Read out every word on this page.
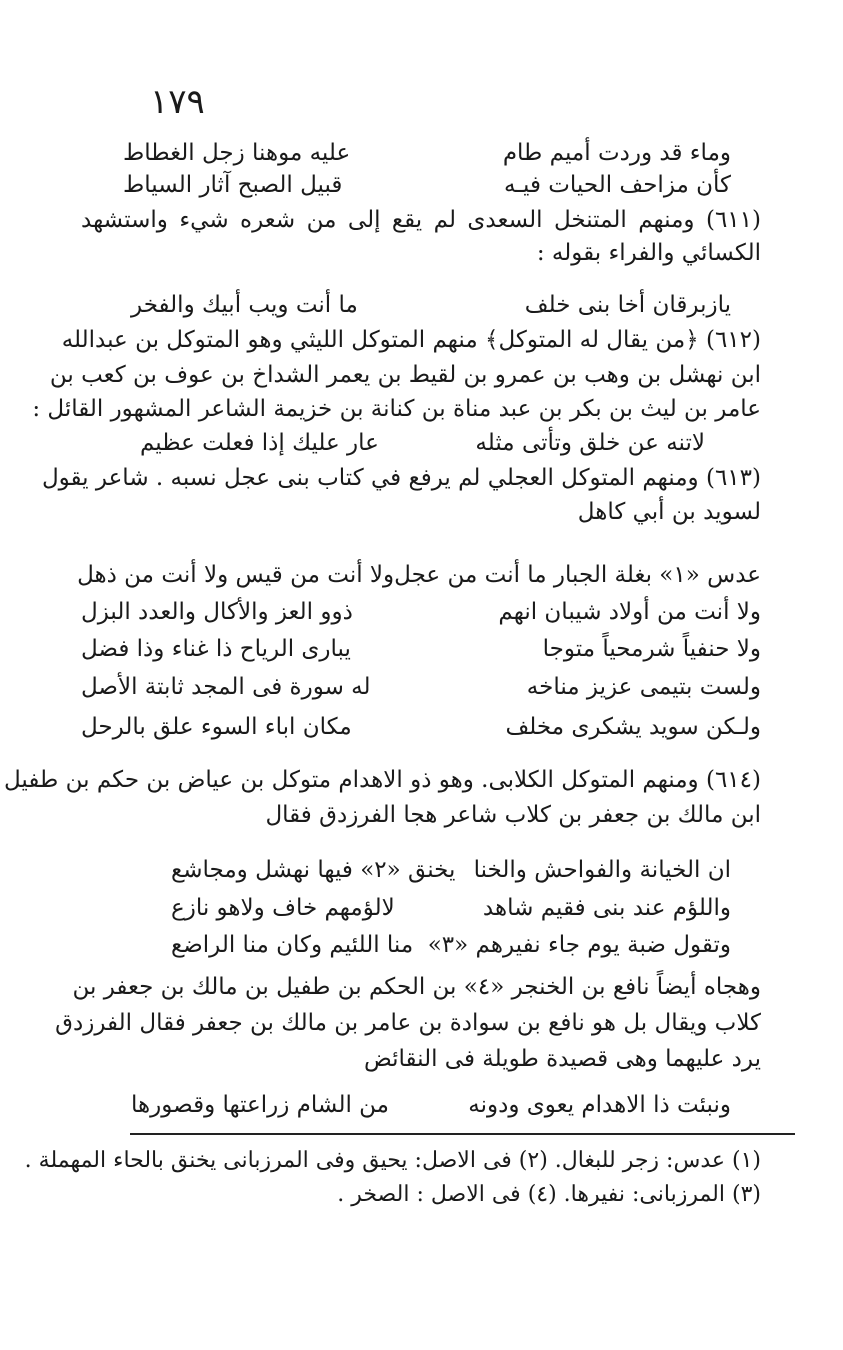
١٧٩
وماء قد وردت أميم طام
عليه موهنا زجل الغطاط
كأن مزاحف الحيات فيـه
قبيل الصبح آثار السياط
(٦١١) ومنهم المتنخل السعدى لم يقع إلى من شعره شيء واستشهد
الكسائي والفراء بقوله :
يازبرقان أخا بنى خلف
ما أنت ويب أبيك والفخر
(٦١٢) ﴿من يقال له المتوكل﴾ منهم المتوكل الليثي وهو المتوكل بن عبدالله
ابن نهشل بن وهب بن عمرو بن لقيط بن يعمر الشداخ بن عوف بن كعب بن
عامر بن ليث بن بكر بن عبد مناة بن كنانة بن خزيمة الشاعر المشهور القائل :
لاتنه عن خلق وتأتى مثله
عار عليك إذا فعلت عظيم
(٦١٣) ومنهم المتوكل العجلي لم يرفع في كتاب بنى عجل نسبه . شاعر يقول
لسويد بن أبي كاهل
عدس «١» بغلة الجبار ما أنت من عجل
ولا أنت من قيس ولا أنت من ذهل
ولا أنت من أولاد شيبان انهم
ذوو العز والأكال والعدد البزل
ولا حنفياً شرمحياً متوجا
يبارى الرياح ذا غناء وذا فضل
ولست بتيمى عزيز مناخه
له سورة فى المجد ثابتة الأصل
ولـكن سويد يشكرى مخلف
مكان اباء السوء علق بالرحل
(٦١٤) ومنهم المتوكل الكلابى. وهو ذو الاهدام متوكل بن عياض بن حكم بن طفيل
ابن مالك بن جعفر بن كلاب شاعر هجا الفرزدق فقال
ان الخيانة والفواحش والخنا
يخنق «٢» فيها نهشل ومجاشع
واللؤم عند بنى فقيم شاهد
لالؤمهم خاف ولاهو نازع
وتقول ضبة يوم جاء نفيرهم «٣»
منا اللئيم وكان منا الراضع
وهجاه أيضاً نافع بن الخنجر «٤» بن الحكم بن طفيل بن مالك بن جعفر بن
كلاب ويقال بل هو نافع بن سوادة بن عامر بن مالك بن جعفر فقال الفرزدق
يرد عليهما وهى قصيدة طويلة فى النقائض
ونبئت ذا الاهدام يعوى ودونه
من الشام زراعتها وقصورها
(١) عدس: زجر للبغال. (٢) فى الاصل: يحيق وفى المرزبانى يخنق بالحاء المهملة .
(٣) المرزبانى: نفيرها. (٤) فى الاصل : الصخر .
